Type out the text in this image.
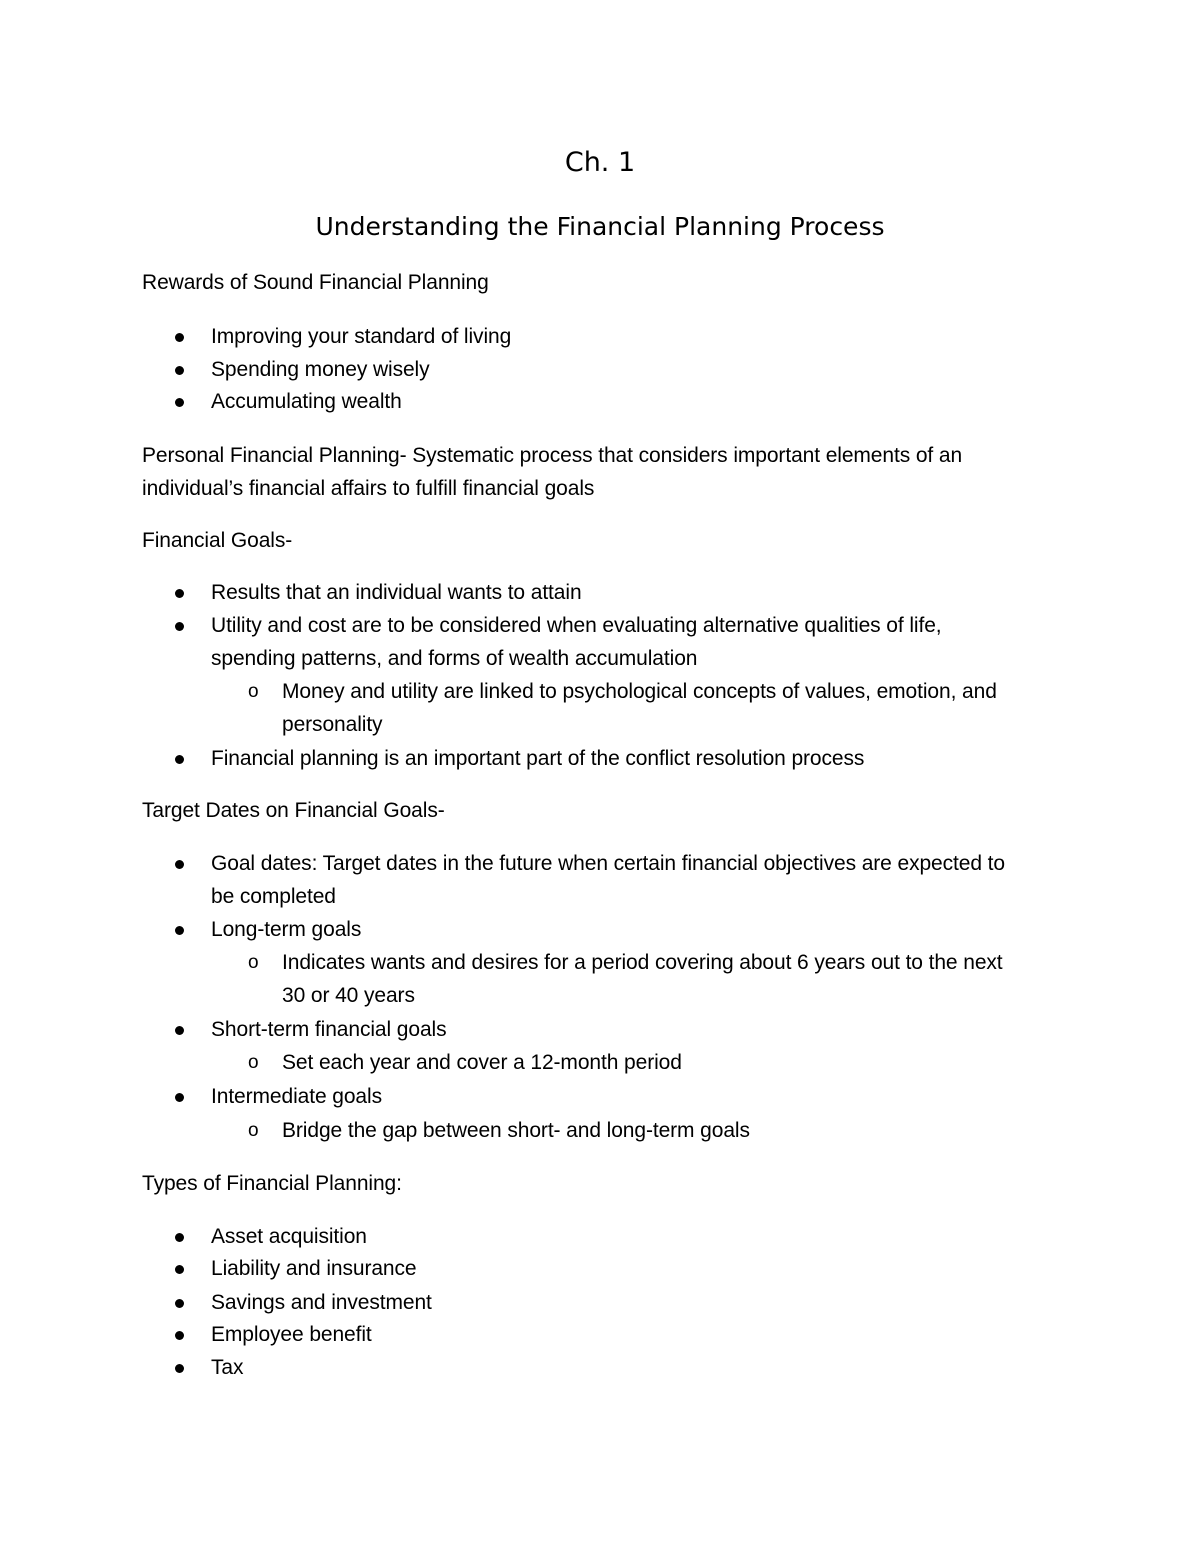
Ch. 1
Understanding the Financial Planning Process
Rewards of Sound Financial Planning
Improving your standard of living
Spending money wisely
Accumulating wealth
Personal Financial Planning- Systematic process that considers important elements of an
individual’s financial affairs to fulfill financial goals
Financial Goals-
Results that an individual wants to attain
Utility and cost are to be considered when evaluating alternative qualities of life,
spending patterns, and forms of wealth accumulation
o Money and utility are linked to psychological concepts of values, emotion, and
personality
Financial planning is an important part of the conflict resolution process
Target Dates on Financial Goals-
Goal dates: Target dates in the future when certain financial objectives are expected to
be completed
Long-term goals
o Indicates wants and desires for a period covering about 6 years out to the next
30 or 40 years
Short-term financial goals
o Set each year and cover a 12-month period
Intermediate goals
o Bridge the gap between short- and long-term goals
Types of Financial Planning:
Asset acquisition
Liability and insurance
Savings and investment
Employee benefit
Tax
